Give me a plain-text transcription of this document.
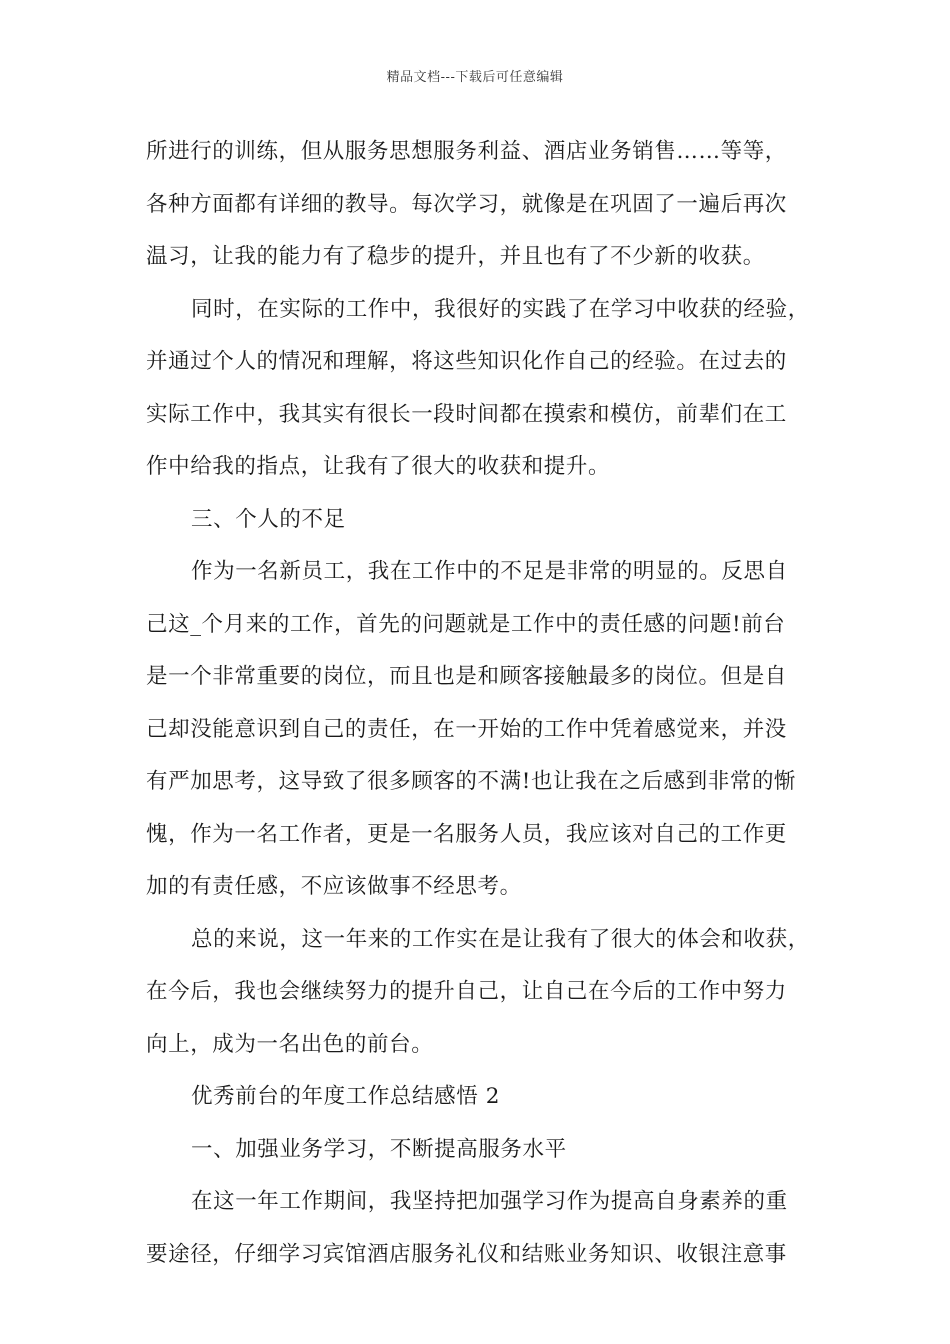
精品文档---下载后可任意编辑
所进行的训练，但从服务思想服务利益、酒店业务销售……等等，
各种方面都有详细的教导。每次学习，就像是在巩固了一遍后再次
温习，让我的能力有了稳步的提升，并且也有了不少新的收获。
同时，在实际的工作中，我很好的实践了在学习中收获的经验，
并通过个人的情况和理解，将这些知识化作自己的经验。在过去的
实际工作中，我其实有很长一段时间都在摸索和模仿，前辈们在工
作中给我的指点，让我有了很大的收获和提升。
三、个人的不足
作为一名新员工，我在工作中的不足是非常的明显的。反思自
己这_个月来的工作，首先的问题就是工作中的责任感的问题!前台
是一个非常重要的岗位，而且也是和顾客接触最多的岗位。但是自
己却没能意识到自己的责任，在一开始的工作中凭着感觉来，并没
有严加思考，这导致了很多顾客的不满!也让我在之后感到非常的惭
愧，作为一名工作者，更是一名服务人员，我应该对自己的工作更
加的有责任感，不应该做事不经思考。
总的来说，这一年来的工作实在是让我有了很大的体会和收获，
在今后，我也会继续努力的提升自己，让自己在今后的工作中努力
向上，成为一名出色的前台。
优秀前台的年度工作总结感悟 2
一、加强业务学习，不断提高服务水平
在这一年工作期间，我坚持把加强学习作为提高自身素养的重
要途径，仔细学习宾馆酒店服务礼仪和结账业务知识、收银注意事
